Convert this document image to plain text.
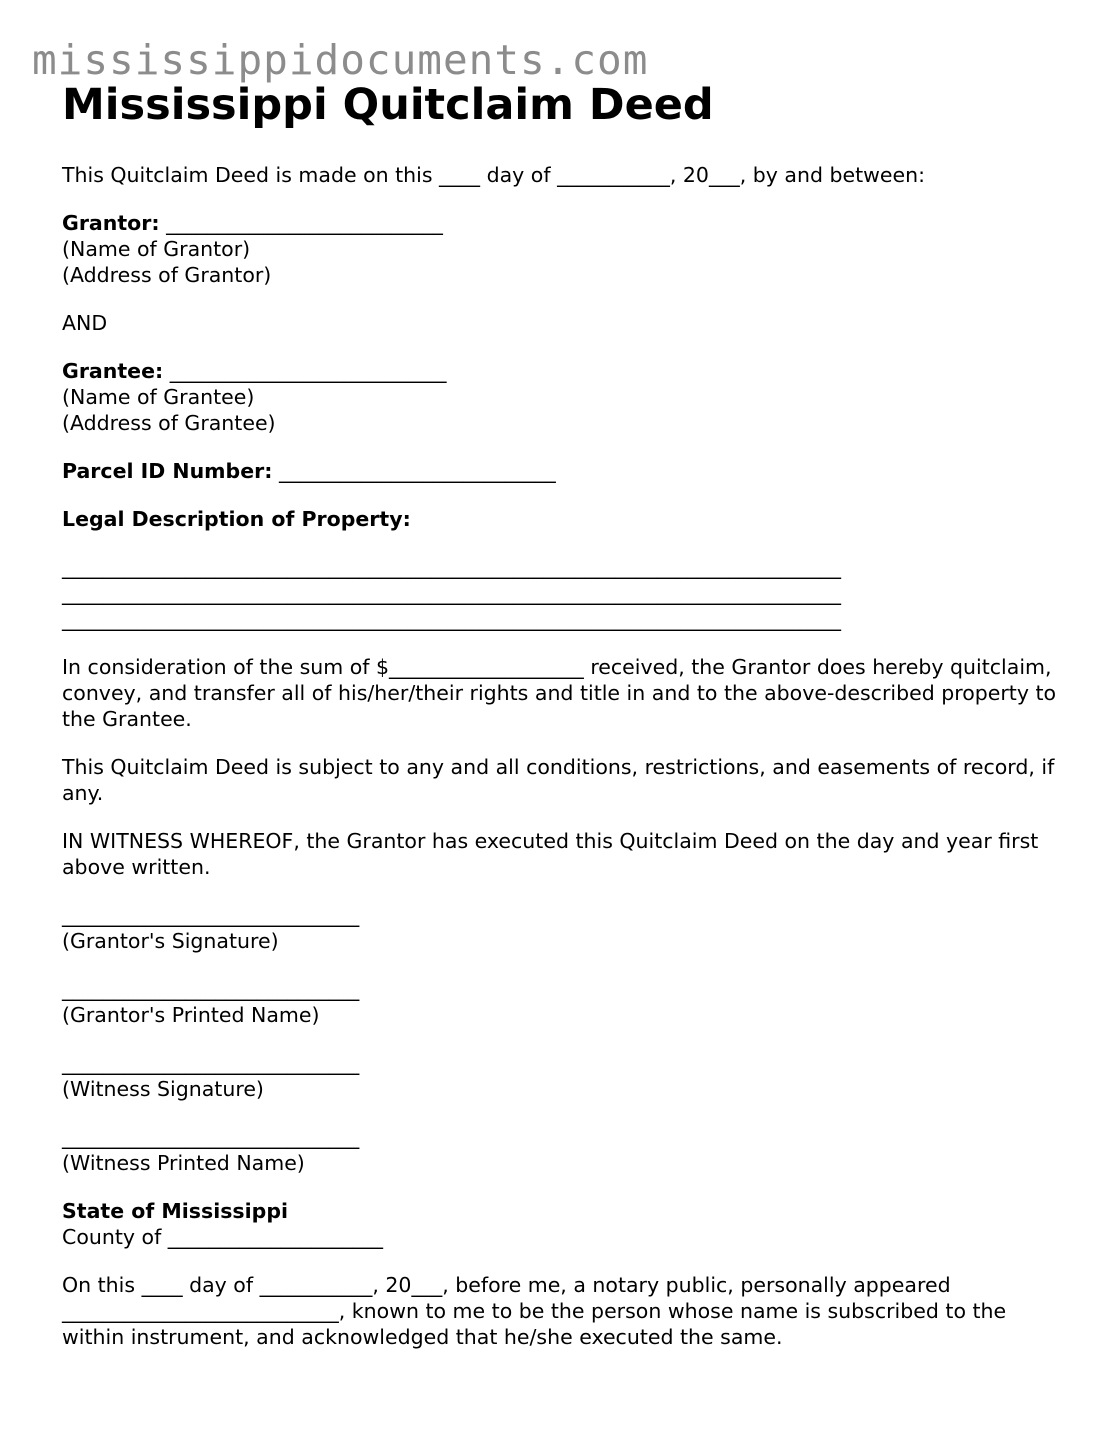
mississippidocuments.com
Mississippi Quitclaim Deed

This Quitclaim Deed is made on this ____ day of ___________, 20___, by and between:

Grantor: ___________________________
(Name of Grantor)
(Address of Grantor)

AND

Grantee: ___________________________
(Name of Grantee)
(Address of Grantee)

Parcel ID Number: ___________________________

Legal Description of Property:

____________________________________________________________________________
____________________________________________________________________________
____________________________________________________________________________

In consideration of the sum of $___________________ received, the Grantor does hereby quitclaim, convey, and transfer all of his/her/their rights and title in and to the above-described property to the Grantee.

This Quitclaim Deed is subject to any and all conditions, restrictions, and easements of record, if any.

IN WITNESS WHEREOF, the Grantor has executed this Quitclaim Deed on the day and year first above written.

_____________________________
(Grantor's Signature)

_____________________________
(Grantor's Printed Name)

_____________________________
(Witness Signature)

_____________________________
(Witness Printed Name)

State of Mississippi
County of _____________________

On this ____ day of ___________, 20___, before me, a notary public, personally appeared ___________________________, known to me to be the person whose name is subscribed to the within instrument, and acknowledged that he/she executed the same.
